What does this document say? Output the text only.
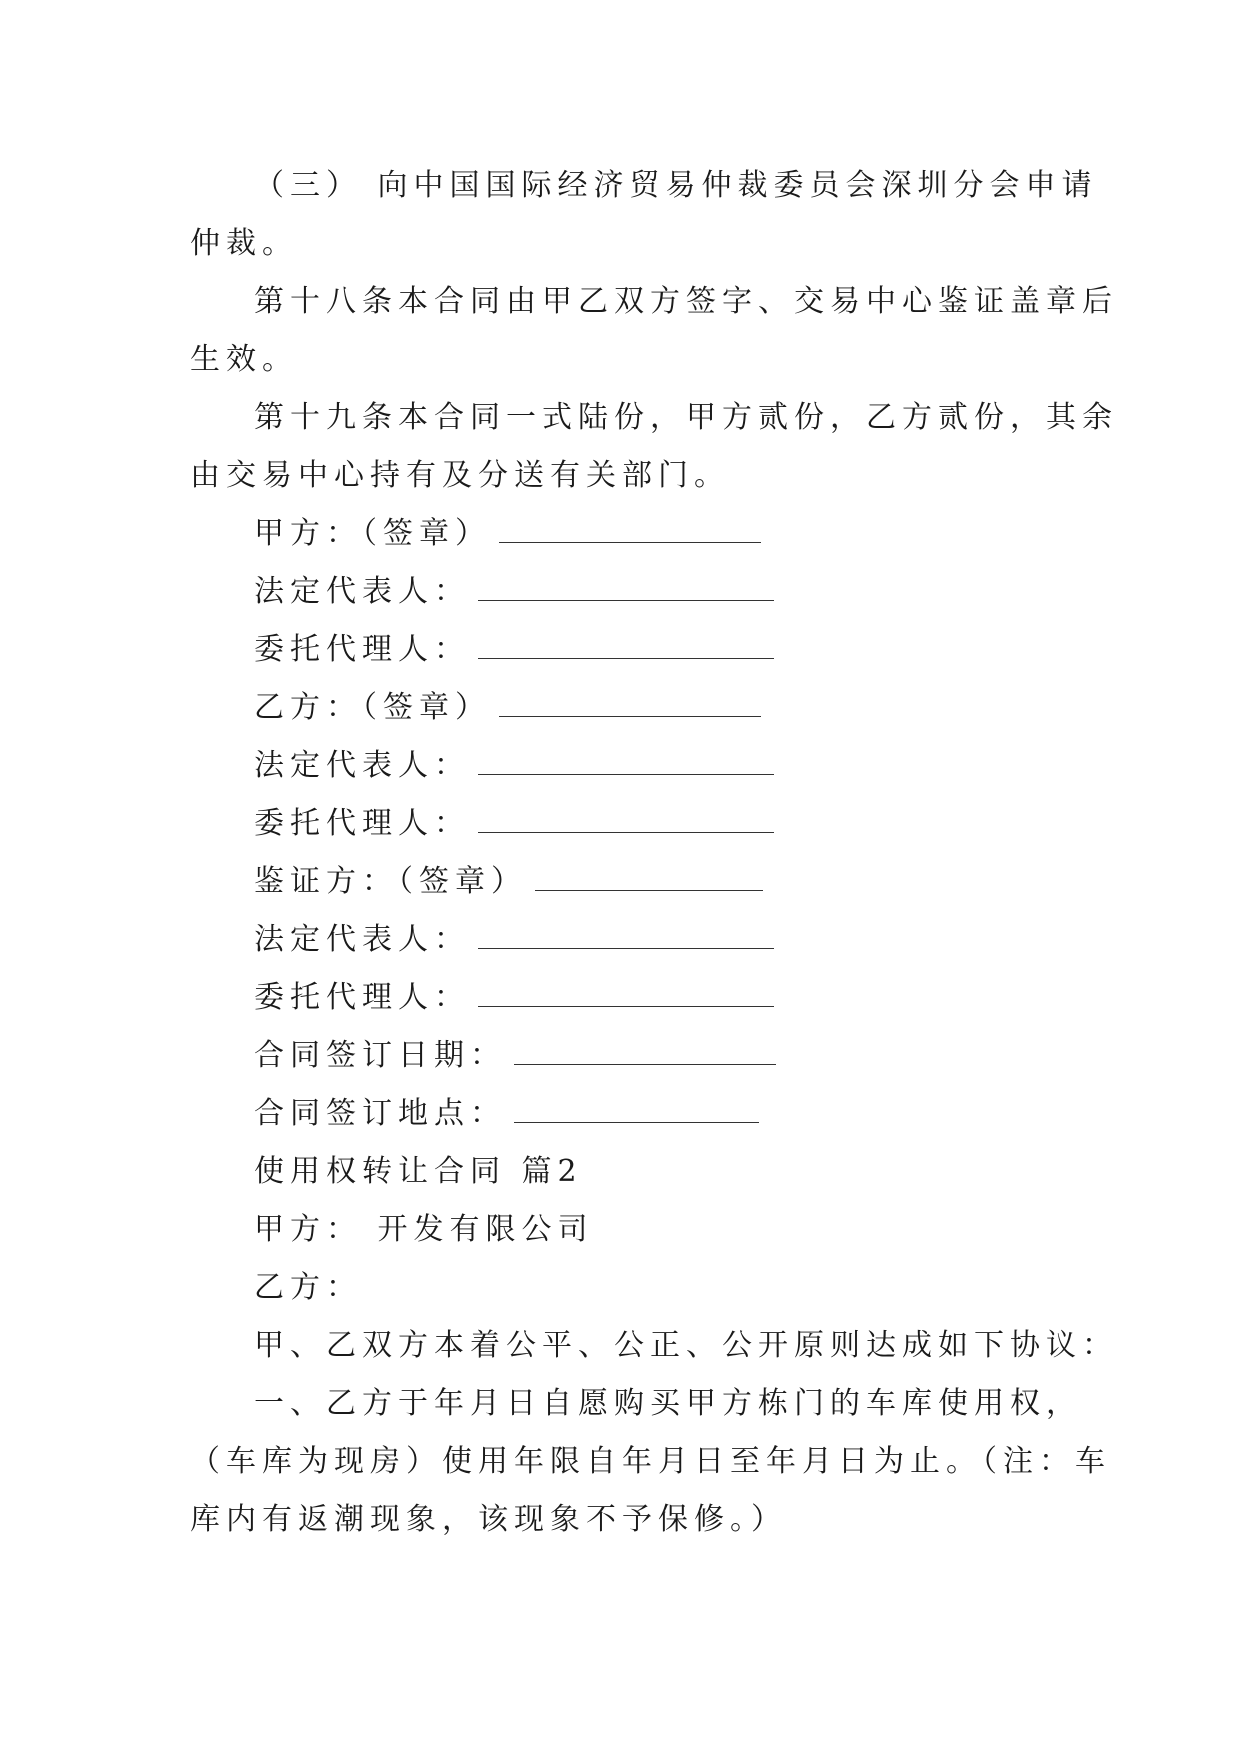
（三） 向中国国际经济贸易仲裁委员会深圳分会申请
仲裁。
第十八条本合同由甲乙双方签字、交易中心鉴证盖章后
生效。
第十九条本合同一式陆份，甲方贰份，乙方贰份，其余
由交易中心持有及分送有关部门。
甲方：（签章）
法定代表人：
委托代理人：
乙方：（签章）
法定代表人：
委托代理人：
鉴证方：（签章）
法定代表人：
委托代理人：
合同签订日期：
合同签订地点：
使用权转让合同 篇2
甲方： 开发有限公司
乙方：
甲、乙双方本着公平、公正、公开原则达成如下协议：
一、乙方于年月日自愿购买甲方栋门的车库使用权，
（车库为现房）使用年限自年月日至年月日为止。（注：车
库内有返潮现象，该现象不予保修。）
